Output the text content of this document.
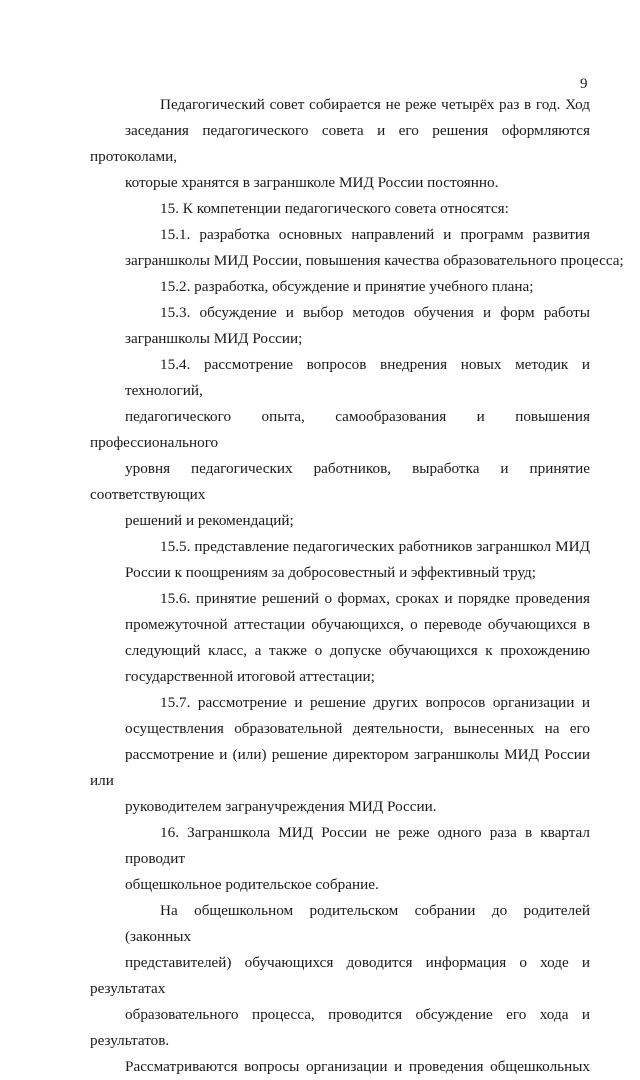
9
Педагогический совет собирается не реже четырёх раз в год. Ход
заседания педагогического совета и его решения оформляются протоколами,
которые хранятся в заграншколе МИД России постоянно.
15. К компетенции педагогического совета относятся:
15.1. разработка основных направлений и программ развития
заграншколы МИД России, повышения качества образовательного процесса;
15.2. разработка, обсуждение и принятие учебного плана;
15.3. обсуждение и выбор методов обучения и форм работы
заграншколы МИД России;
15.4. рассмотрение вопросов внедрения новых методик и технологий,
педагогического опыта, самообразования и повышения профессионального
уровня педагогических работников, выработка и принятие соответствующих
решений и рекомендаций;
15.5. представление педагогических работников заграншкол МИД
России к поощрениям за добросовестный и эффективный труд;
15.6. принятие решений о формах, сроках и порядке проведения
промежуточной аттестации обучающихся, о переводе обучающихся в
следующий класс, а также о допуске обучающихся к прохождению
государственной итоговой аттестации;
15.7. рассмотрение и решение других вопросов организации и
осуществления образовательной деятельности, вынесенных на его
рассмотрение и (или) решение директором заграншколы МИД России или
руководителем загранучреждения МИД России.
16. Заграншкола МИД России не реже одного раза в квартал проводит
общешкольное родительское собрание.
На общешкольном родительском собрании до родителей (законных
представителей) обучающихся доводится информация о ходе и результатах
образовательного процесса, проводится обсуждение его хода и результатов.
Рассматриваются вопросы организации и проведения общешкольных
